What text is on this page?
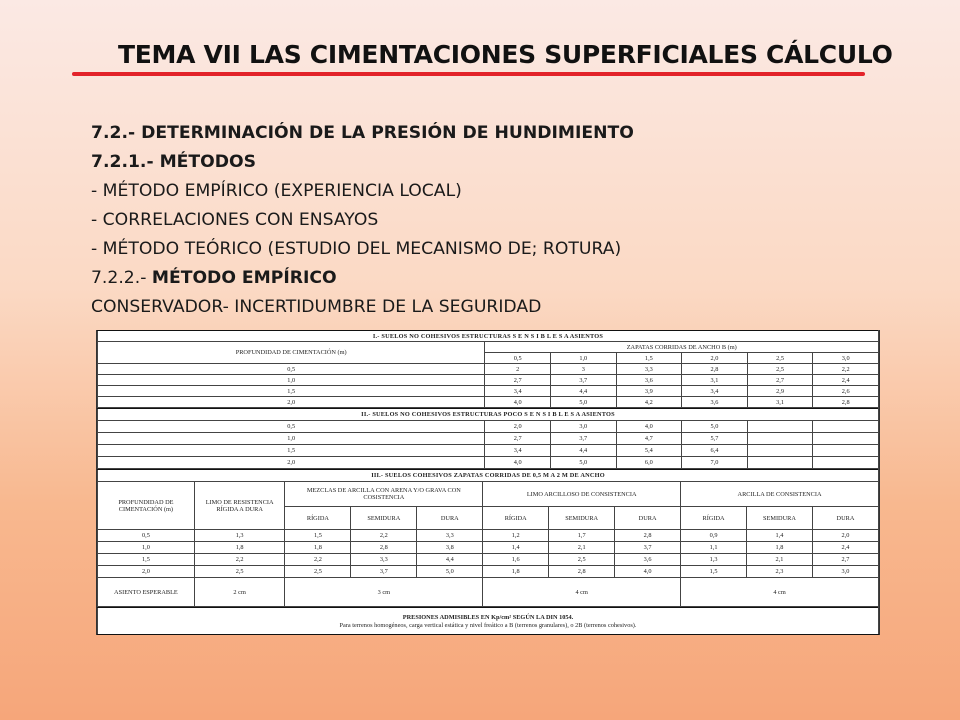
TEMA VII LAS CIMENTACIONES SUPERFICIALES CÁLCULO
7.2.- DETERMINACIÓN DE LA PRESIÓN DE HUNDIMIENTO
7.2.1.- MÉTODOS
- MÉTODO EMPÍRICO (EXPERIENCIA LOCAL)
- CORRELACIONES CON ENSAYOS
- MÉTODO TEÓRICO (ESTUDIO DEL MECANISMO DE; ROTURA)
7.2.2.- MÉTODO EMPÍRICO
CONSERVADOR- INCERTIDUMBRE DE LA SEGURIDAD
I.- SUELOS NO COHESIVOS ESTRUCTURAS S E N S I B L E S A ASIENTOS						
PROFUNDIDAD DE CIMENTACIÓN (m)	ZAPATAS CORRIDAS DE ANCHO B (m)					
	0,5	1,0	1,5	2,0	2,5	3,0
0,5	2	3	3,3	2,8	2,5	2,2
1,0	2,7	3,7	3,6	3,1	2,7	2,4
1,5	3,4	4,4	3,9	3,4	2,9	2,6
2,0	4,0	5,0	4,2	3,6	3,1	2,8
II.- SUELOS NO COHESIVOS ESTRUCTURAS POCO S E N S I B L E S A ASIENTOS						
0,5	2,0	3,0	4,0	5,0		
1,0	2,7	3,7	4,7	5,7		
1,5	3,4	4,4	5,4	6,4		
2,0	4,0	5,0	6,0	7,0		
III.- SUELOS COHESIVOS ZAPATAS CORRIDAS DE 0,5 M A 2 M DE ANCHO										
PROFUNDIDAD DE CIMENTACIÓN (m)	LIMO DE RESISTENCIA RÍGIDA A DURA	MEZCLAS DE ARCILLA CON ARENA Y/O GRAVA CON COSISTENCIA			LIMO ARCILLOSO DE CONSISTENCIA			ARCILLA DE CONSISTENCIA		
		RÍGIDA	SEMIDURA	DURA	RÍGIDA	SEMIDURA	DURA	RÍGIDA	SEMIDURA	DURA
0,5	1,3	1,5	2,2	3,3	1,2	1,7	2,8	0,9	1,4	2,0
1,0	1,8	1,8	2,8	3,8	1,4	2,1	3,7	1,1	1,8	2,4
1,5	2,2	2,2	3,3	4,4	1,6	2,5	3,6	1,3	2,1	2,7
2,0	2,5	2,5	3,7	5,0	1,8	2,8	4,0	1,5	2,3	3,0
ASIENTO ESPERABLE	2 cm	3 cm			4 cm			4 cm		
PRESIONES ADMISIBLES EN Kp/cm² SEGÚN LA DIN 1054.
Para terrenos homogéneos, carga vertical estática y nivel freático a B (terrenos granulares), o 2B (terrenos cohesivos).
